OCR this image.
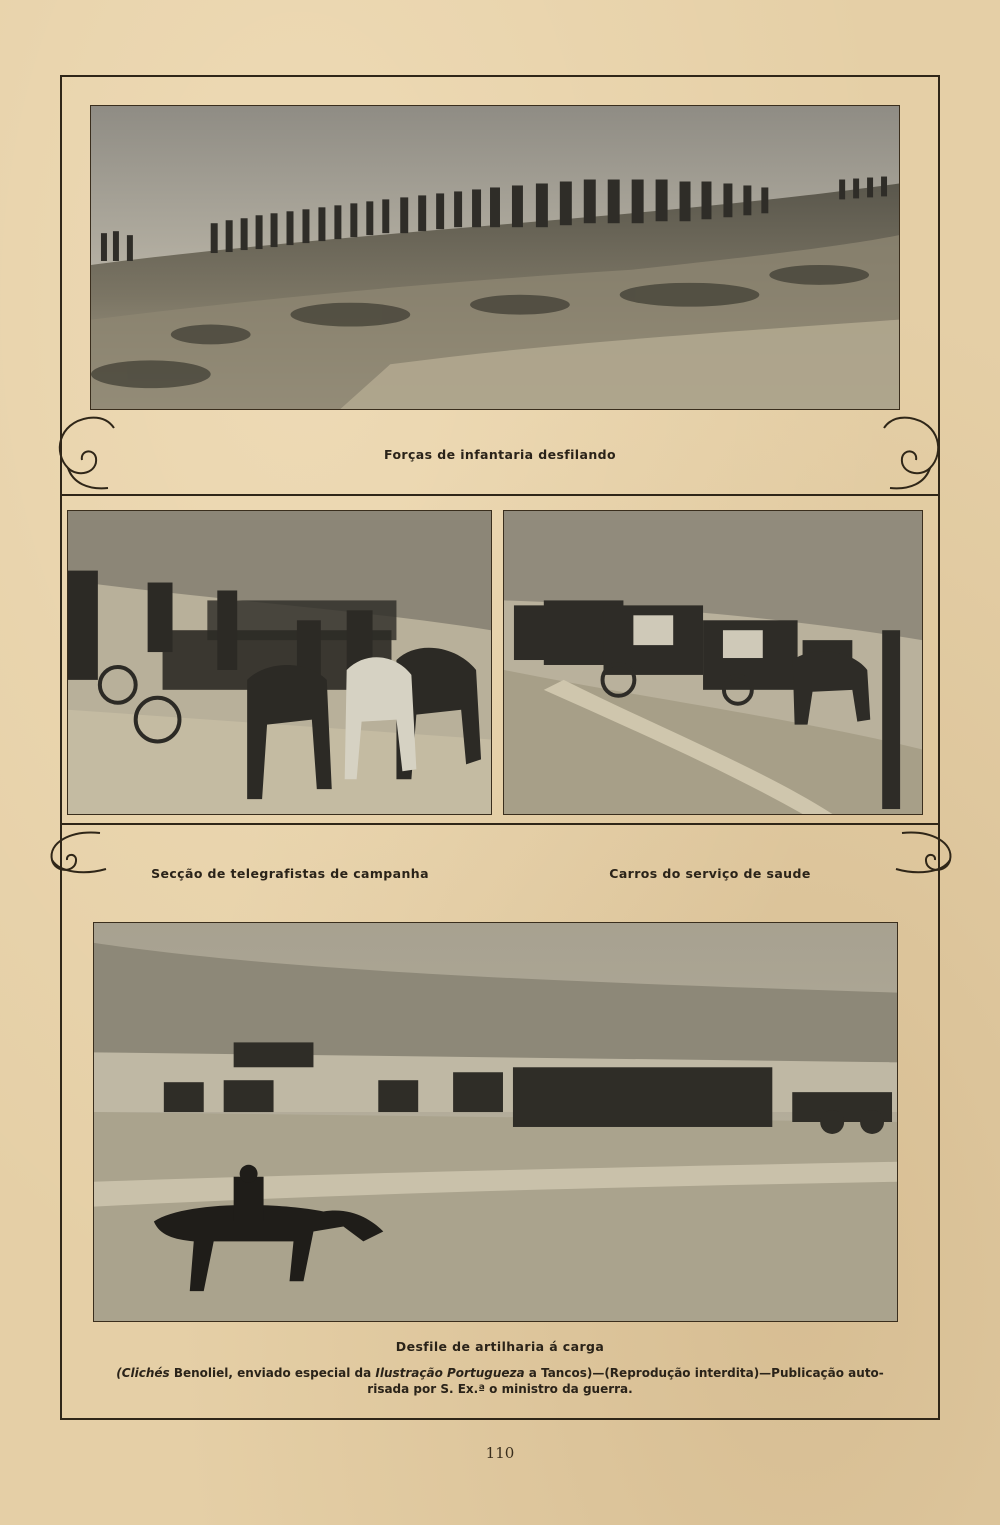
Forças de infantaria desfilando
Secção de telegrafistas de campanha	Carros do serviço de saude
Desfile de artilharia á carga
(Clichés Benoliel, enviado especial da Ilustração Portugueza a Tancos)—(Reprodução interdita)—Publicação auto-
risada por S. Ex.ª o ministro da guerra.
110
